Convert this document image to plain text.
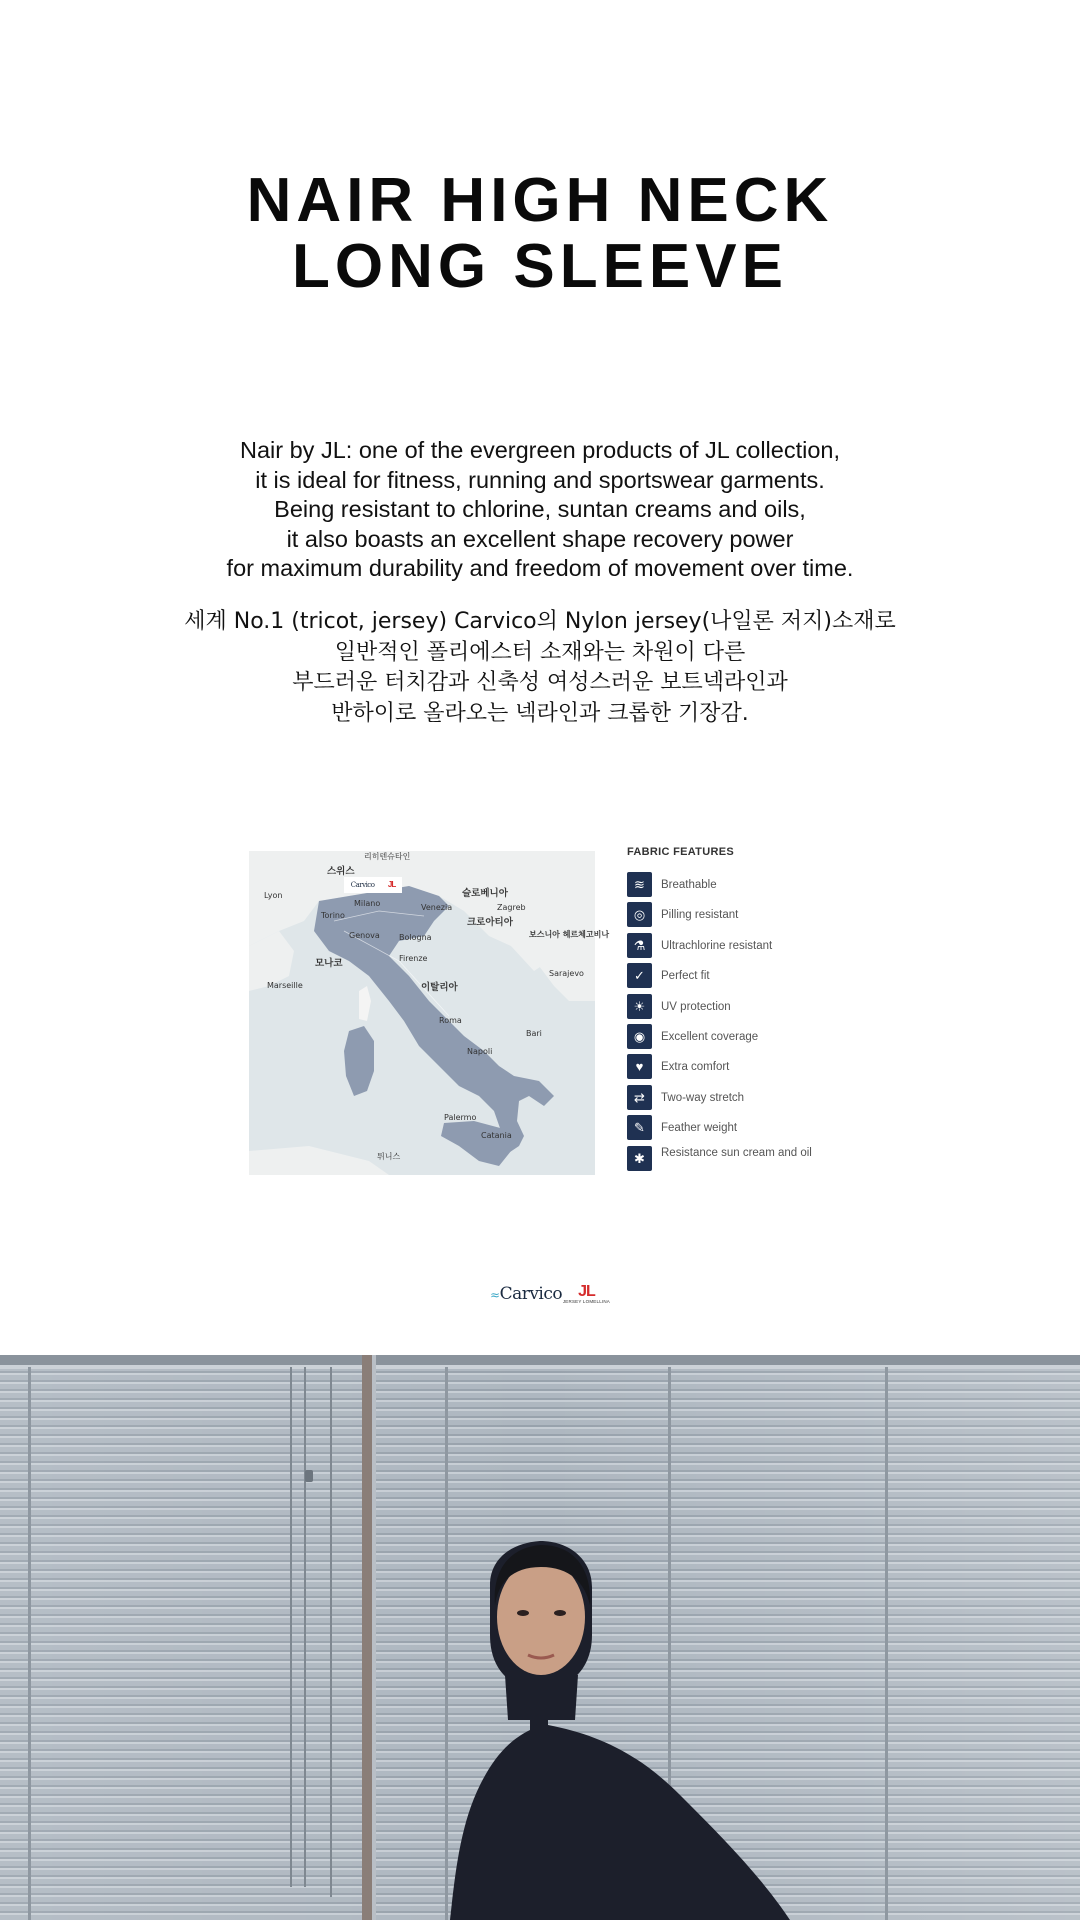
NAIR HIGH NECK
LONG SLEEVE
Nair by JL: one of the evergreen products of JL collection,
it is ideal for fitness, running and sportswear garments.
Being resistant to chlorine, suntan creams and oils,
it also boasts an excellent shape recovery power
for maximum durability and freedom of movement over time.
세계 No.1 (tricot, jersey) Carvico의 Nylon jersey(나일론 저지)소재로
일반적인 폴리에스터 소재와는 차원이 다른
부드러운 터치감과 신축성 여성스러운 보트넥라인과
반하이로 올라오는 넥라인과 크롭한 기장감.
Carvico JL
리히텐슈타인
스위스
슬로베니아
크로아티아
보스니아 헤르체고비나
모나코
이탈리아
Milano
Torino
Genova Bologna
Venezia
Firenze
Roma
Napoli
Bari
Palermo
Catania
Zagreb
Sarajevo
Marseille
Lyon
튀니스
FABRIC FEATURES
≋	Breathable
◎	Pilling resistant
⚗	Ultrachlorine resistant
✓	Perfect fit
☀	UV protection
◉	Excellent coverage
♥	Extra comfort
⇄	Two-way stretch
✎	Feather weight
✱	Resistance sun cream and oil
≈Carvico JL
JERSEY LOMELLINA
